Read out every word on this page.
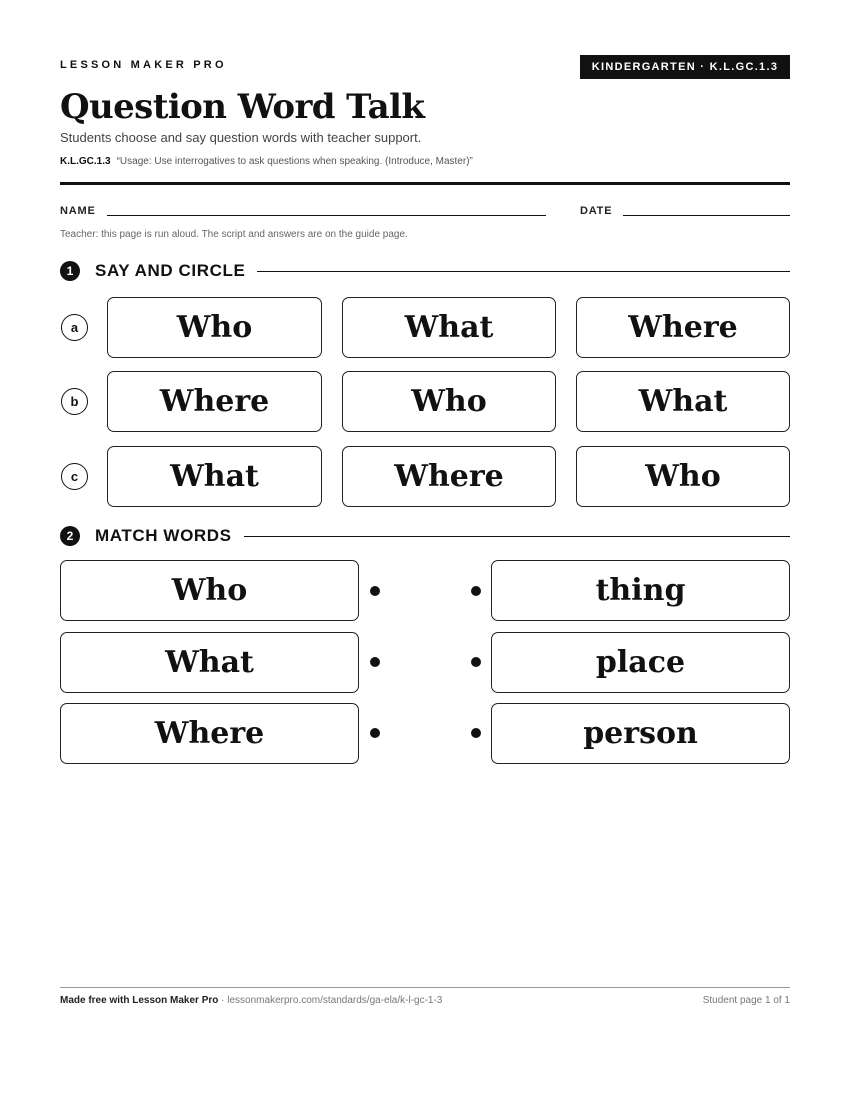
LESSON MAKER PRO	KINDERGARTEN · K.L.GC.1.3
Question Word Talk
Students choose and say question words with teacher support.
K.L.GC.1.3 “Usage: Use interrogatives to ask questions when speaking. (Introduce, Master)”
NAME	DATE
Teacher: this page is run aloud. The script and answers are on the guide page.
1	SAY AND CIRCLE
a	Who	What	Where
b	Where	Who	What
c	What	Where	Who
2	MATCH WORDS
Who	thing
What	place
Where	person
Made free with Lesson Maker Pro · lessonmakerpro.com/standards/ga-ela/k-l-gc-1-3	Student page 1 of 1
